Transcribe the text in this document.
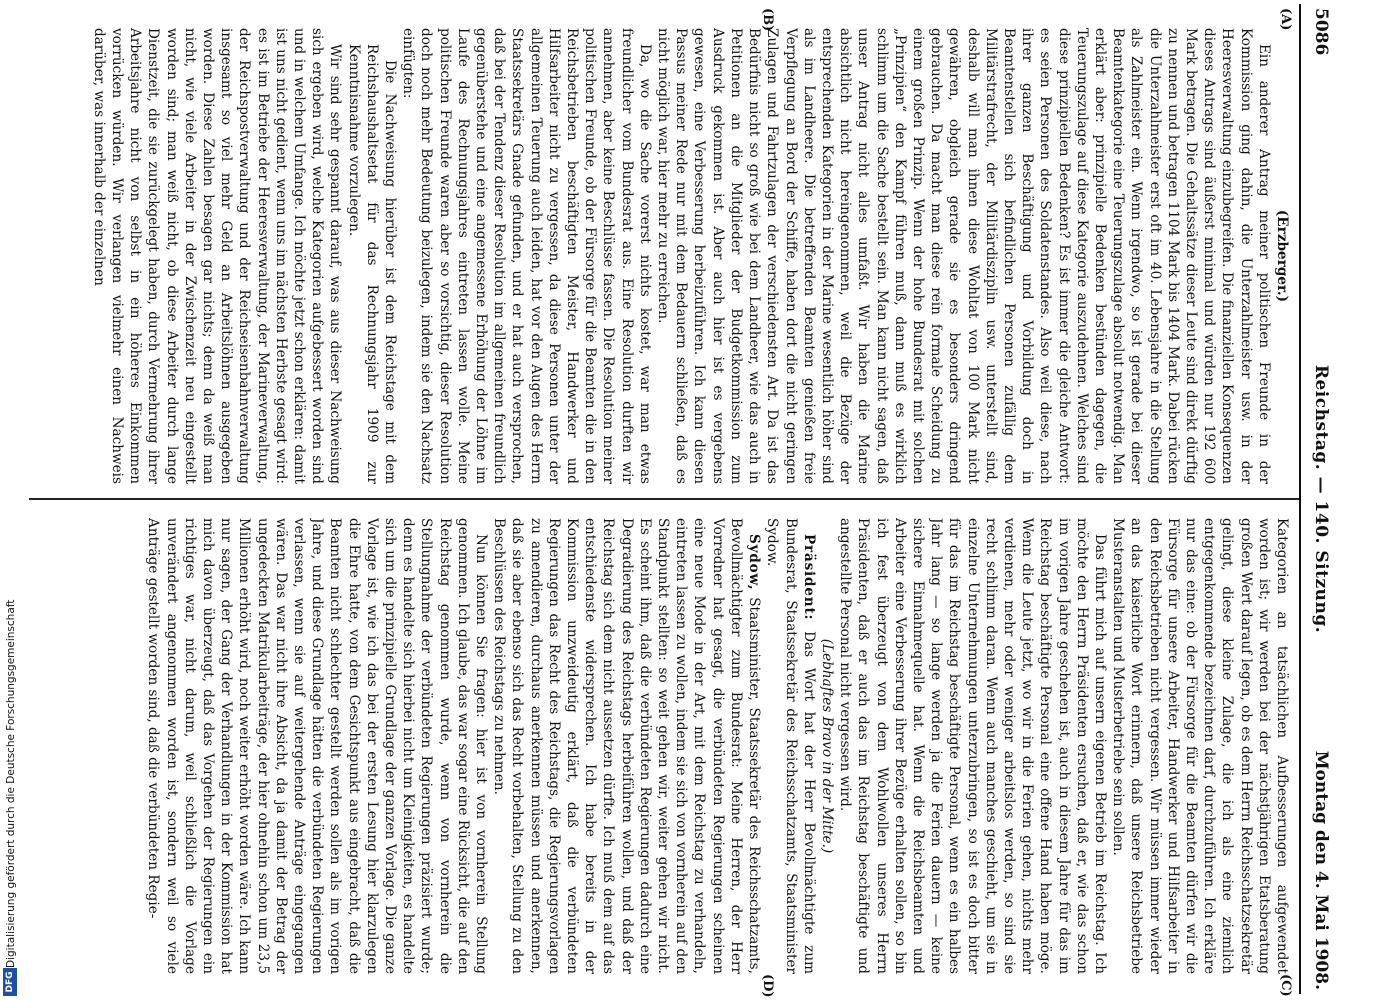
5086
Reichstag. — 140. Sitzung.
Montag den 4. Mai 1908.
(A)
(B)
(C)
(D)

(Erzberger.)

Ein anderer Antrag meiner politischen Freunde in der Kommission ging dahin, die Unterzahlmeister usw. in der Heeresverwaltung einzubegreifen. Die finanziellen Konsequenzen dieses Antrags sind äußerst minimal und würden nur 192 600 Mark betragen. Die Gehaltssätze dieser Leute sind direkt dürftig zu nennen und betragen 1104 Mark bis 1404 Mark. Dabei rücken die Unterzahlmeister erst oft im 40. Lebensjahre in die Stellung als Zahlmeister ein. Wenn irgendwo, so ist gerade bei dieser Beamtenkategorie eine Teuerungszulage absolut notwendig. Man erklärt aber: prinzipielle Bedenken bestünden dagegen, die Teuerungszulage auf diese Kategorie auszudehnen. Welches sind diese prinzipiellen Bedenken? Es ist immer die gleiche Antwort: es seien Personen des Soldatenstandes. Also weil diese, nach ihrer ganzen Beschäftigung und Vorbildung doch in Beamtenstellen sich befindlichen Personen zufällig dem Militärstrafrecht, der Militärdisziplin usw. unterstellt sind, deshalb will man ihnen diese Wohltat von 100 Mark nicht gewähren, obgleich gerade sie es besonders dringend gebrauchen. Da macht man diese rein formale Scheidung zu einem großen Prinzip. Wenn der hohe Bundesrat mit solchen „Prinzipien“ den Kampf führen muß, dann muß es wirklich schlimm um die Sache bestellt sein. Man kann nicht sagen, daß unser Antrag nicht alles umfaßt. Wir haben die Marine absichtlich nicht hereingenommen, weil die Bezüge der entsprechenden Kategorien in der Marine wesentlich höher sind als im Landheere. Die betreffenden Beamten genießen freie Verpflegung an Bord der Schiffe, haben dort die nicht geringen Zulagen und Fahrtzulagen der verschiedensten Art. Da ist das Bedürfnis nicht so groß wie bei dem Landheer, wie das auch in Petitionen an die Mitglieder der Budgetkommission zum Ausdruck gekommen ist. Aber auch hier ist es vergebens gewesen, eine Verbesserung herbeizuführen. Ich kann diesen Passus meiner Rede nur mit dem Bedauern schließen, daß es nicht möglich war, hier mehr zu erreichen.

Da, wo die Sache vorerst nichts kostet, war man etwas freundlicher vom Bundesrat aus. Eine Resolution durften wir annehmen, aber keine Beschlüsse fassen. Die Resolution meiner politischen Freunde, ob der Fürsorge für die Beamten die in den Reichsbetrieben beschäftigten Meister, Handwerker und Hilfsarbeiter nicht zu vergessen, da diese Personen unter der allgemeinen Teuerung auch leiden, hat vor den Augen des Herrn Staatssekretärs Gnade gefunden, und er hat auch versprochen, daß bei der Tendenz dieser Resolution im allgemeinen freundlich gegenüberstehe und eine angemessene Erhöhung der Löhne im Laufe des Rechnungsjahres eintreten lassen wolle. Meine politischen Freunde waren aber so vorsichtig, dieser Resolution doch noch mehr Bedeutung beizulegen, indem sie den Nachsatz einfügten:

Die Nachweisung hierüber ist dem Reichstage mit dem Reichshaushaltsetat für das Rechnungsjahr 1909 zur Kenntnisnahme vorzulegen.

Wir sind sehr gespannt darauf, was aus dieser Nachweisung sich ergeben wird, welche Kategorien aufgebessert worden sind und in welchem Umfange. Ich möchte jetzt schon erklären: damit ist uns nicht gedient, wenn uns im nächsten Herbste gesagt wird: es ist im Betriebe der Heeresverwaltung, der Marineverwaltung, der Reichspostverwaltung und der Reichseisenbahnverwaltung insgesamt so viel mehr Geld an Arbeitslöhnen ausgegeben worden. Diese Zahlen besagen gar nichts; denn da weiß man nicht, wie viele Arbeiter in der Zwischenzeit neu eingestellt worden sind; man weiß nicht, ob diese Arbeiter durch lange Dienstzeit, die sie zurückgelegt haben, durch Vermehrung ihrer Arbeitsjahre nicht von selbst in ein höheres Einkommen vorrücken würden. Wir verlangen vielmehr einen Nachweis darüber, was innerhalb der einzelnen

Kategorien an tatsächlichen Aufbesserungen aufgewendet worden ist; wir werden bei der nächstjährigen Etatsberatung großen Wert darauf legen, ob es dem Herrn Reichsschatzsekretär gelingt, diese kleine Zulage, die ich als eine ziemlich entgegenkommende bezeichnen darf, durchzuführen. Ich erkläre nur das eine: ob der Fürsorge für die Beamten dürfen wir die Fürsorge für unsere Arbeiter, Handwerker und Hilfsarbeiter in den Reichsbetrieben nicht vergessen. Wir müssen immer wieder an das kaiserliche Wort erinnern, daß unsere Reichsbetriebe Musteranstalten und Musterbetriebe sein sollen.

Das führt mich auf unsern eigenen Betrieb im Reichstag. Ich möchte den Herrn Präsidenten ersuchen, daß er, wie das schon im vorigen Jahre geschehen ist, auch in diesem Jahre für das im Reichstag beschäftigte Personal eine offene Hand haben möge. Wenn die Leute jetzt, wo wir in die Ferien gehen, nichts mehr verdienen, mehr oder weniger arbeitslos werden, so sind sie recht schlimm daran. Wenn auch manches geschieht, um sie in einzelne Unternehmungen unterzubringen, so ist es doch bitter für das im Reichstag beschäftigte Personal, wenn es ein halbes Jahr lang — so lange werden ja die Ferien dauern — keine sichere Einnahmequelle hat. Wenn die Reichsbeamten und Arbeiter eine Verbesserung ihrer Bezüge erhalten sollen, so bin ich fest überzeugt von dem Wohlwollen unseres Herrn Präsidenten, daß er auch das im Reichstag beschäftigte und angestellte Personal nicht vergessen wird.

(Lebhaftes Bravo in der Mitte.)

Präsident: Das Wort hat der Herr Bevollmächtigte zum Bundesrat, Staatssekretär des Reichsschatzamts, Staatsminister Sydow.

Sydow, Staatsminister, Staatssekretär des Reichsschatzamts, Bevollmächtigter zum Bundesrat: Meine Herren, der Herr Vorredner hat gesagt, die verbündeten Regierungen scheinen eine neue Mode in der Art, mit dem Reichstag zu verhandeln, eintreten lassen zu wollen, indem sie sich von vornherein auf den Standpunkt stellten: so weit gehen wir, weiter gehen wir nicht. Es scheint ihm, daß die verbündeten Regierungen dadurch eine Degradierung des Reichstags herbeiführen wollen, und daß der Reichstag sich dem nicht aussetzen dürfte. Ich muß dem auf das entschiedenste widersprechen. Ich habe bereits in der Kommission unzweideutig erklärt, daß die verbündeten Regierungen das Recht des Reichstags, die Regierungsvorlagen zu amendieren, durchaus anerkennen müssen und anerkennen, daß sie aber ebenso sich das Recht vorbehalten, Stellung zu den Beschlüssen des Reichstags zu nehmen.

Nun können Sie fragen: hier ist von vornherein Stellung genommen. Ich glaube, das war sogar eine Rücksicht, die auf den Reichstag genommen wurde, wenn von vornherein die Stellungnahme der verbündeten Regierungen präzisiert wurde; denn es handelte sich hierbei nicht um Kleinigkeiten, es handelte sich um die prinzipielle Grundlage der ganzen Vorlage. Die ganze Vorlage ist, wie ich das bei der ersten Lesung hier klarzulegen die Ehre hatte, von dem Gesichtspunkt aus eingebracht, daß die Beamten nicht schlechter gestellt werden sollen als im vorigen Jahre, und diese Grundlage hätten die verbündeten Regierungen verlassen, wenn sie auf weitergehende Anträge eingegangen wären. Das war nicht ihre Absicht, da ja damit der Betrag der ungedeckten Matrikularbeiträge, der hier ohnehin schon um 23,5 Millionen erhöht wird, noch weiter erhöht worden wäre. Ich kann nur sagen, der Gang der Verhandlungen in der Kommission hat mich davon überzeugt, daß das Vorgehen der Regierungen ein richtiges war, nicht darum, weil schließlich die Vorlage unverändert angenommen worden ist, sondern weil so viele Anträge gestellt worden sind, daß die verbündeten Regie-

Digitalisierung gefördert durch die Deutsche Forschungsgemeinschaft
DFG
